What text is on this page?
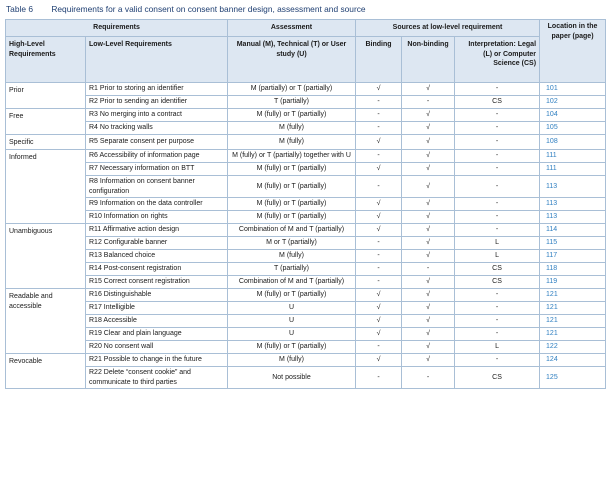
Table 6 Requirements for a valid consent on consent banner design, assessment and source
Requirements		Assessment	Sources at low-level requirement			Location in the paper (page)
High-Level Requirements	Low-Level Requirements	Manual (M), Technical (T) or User study (U)	Binding	Non-binding	Interpretation: Legal (L) or Computer Science (CS)	
Prior	R1 Prior to storing an identifier	M (partially) or T (partially)	√	√	-	101
	R2 Prior to sending an identifier	T (partially)	-	-	CS	102
Free	R3 No merging into a contract	M (fully) or T (partially)	-	√	-	104
	R4 No tracking walls	M (fully)	-	√	-	105
Specific	R5 Separate consent per purpose	M (fully)	√	√	-	108
Informed	R6 Accessibility of information page	M (fully) or T (partially) together with U	-	√	-	111
	R7 Necessary information on BTT	M (fully) or T (partially)	√	√	-	111
	R8 Information on consent banner configuration	M (fully) or T (partially)	-	√	-	113
	R9 Information on the data controller	M (fully) or T (partially)	√	√	-	113
	R10 Information on rights	M (fully) or T (partially)	√	√	-	113
Unambiguous	R11 Affirmative action design	Combination of M and T (partially)	√	√	-	114
	R12 Configurable banner	M or T (partially)	-	√	L	115
	R13 Balanced choice	M (fully)	-	√	L	117
	R14 Post-consent registration	T (partially)	-	-	CS	118
	R15 Correct consent registration	Combination of M and T (partially)	-	√	CS	119
Readable and accessible	R16 Distinguishable	M (fully) or T (partially)	√	√	-	121
	R17 Intelligible	U	√	√	-	121
	R18 Accessible	U	√	√	-	121
	R19 Clear and plain language	U	√	√	-	121
	R20 No consent wall	M (fully) or T (partially)	-	√	L	122
Revocable	R21 Possible to change in the future	M (fully)	√	√	-	124
	R22 Delete “consent cookie” and communicate to third parties	Not possible	-	-	CS	125
